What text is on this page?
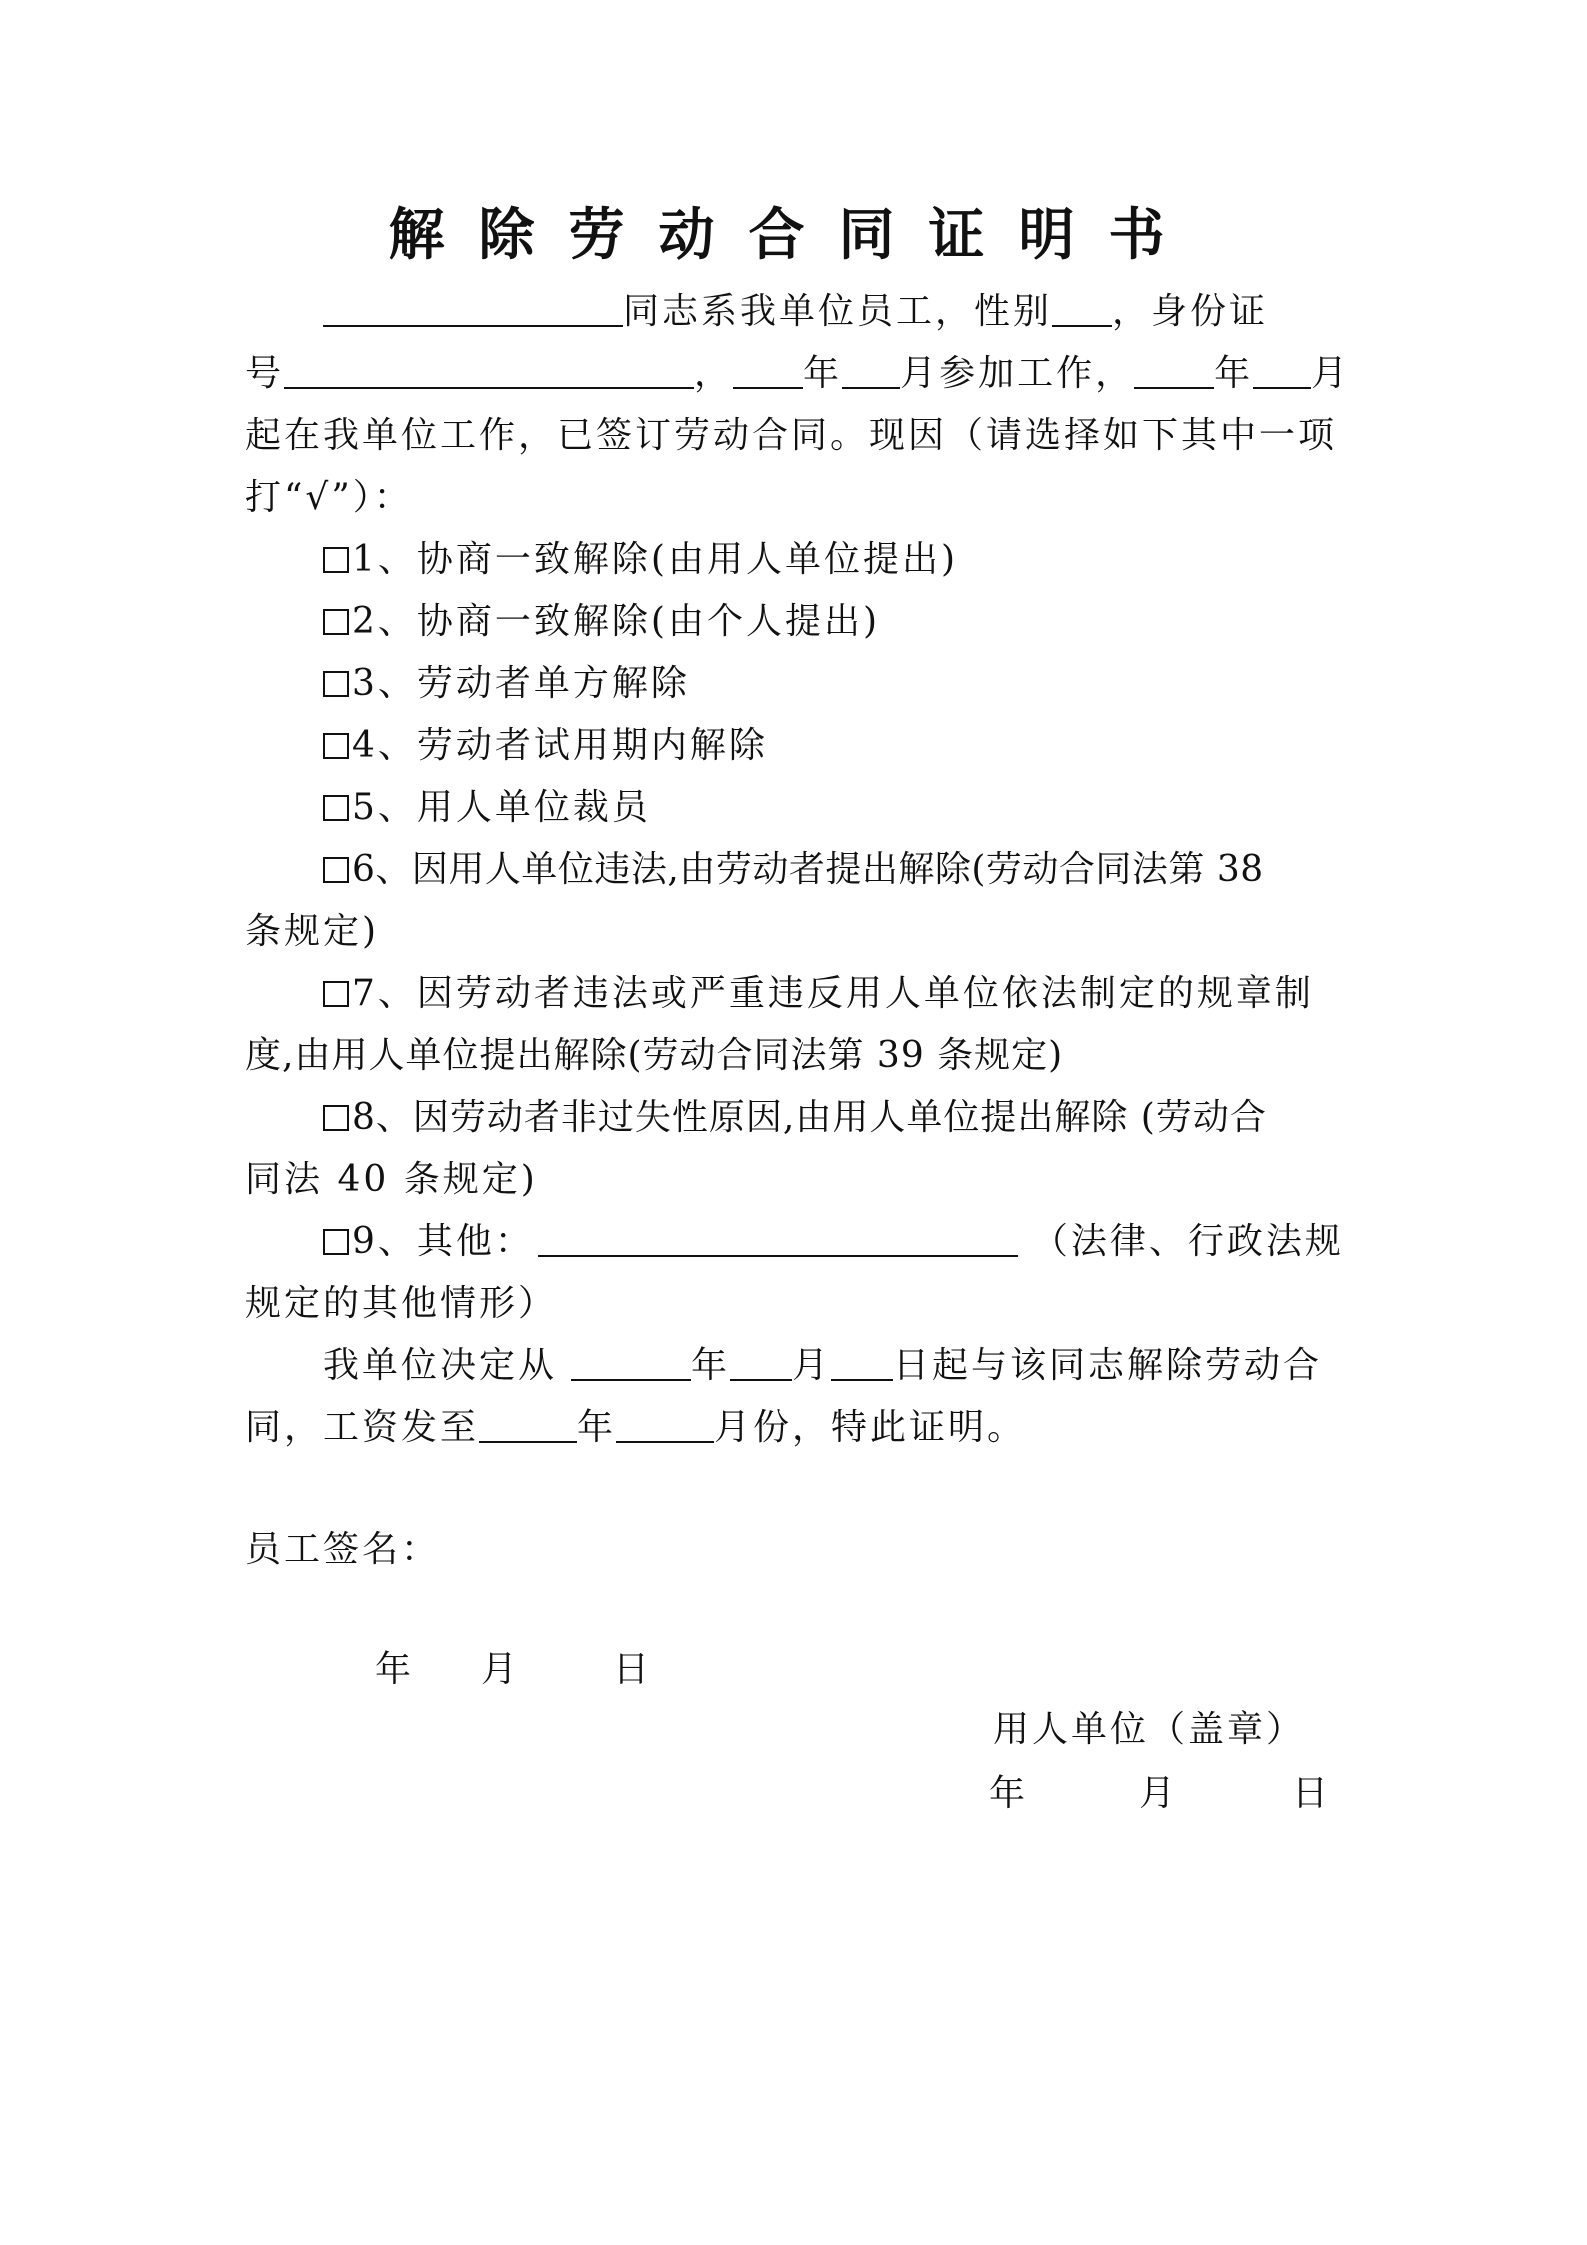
解除劳动合同证明书
同志系我单位员工，性别 ，身份证
号	， 年 月参加工作， 年 月
起在我单位工作，已签订劳动合同。现因（请选择如下其中一项
打“√”）：
1、协商一致解除(由用人单位提出)
2、协商一致解除(由个人提出)
3、劳动者单方解除
4、劳动者试用期内解除
5、用人单位裁员
6、因用人单位违法,由劳动者提出解除(劳动合同法第 38
条规定)
7、因劳动者违法或严重违反用人单位依法制定的规章制
度,由用人单位提出解除(劳动合同法第 39 条规定)
8、因劳动者非过失性原因,由用人单位提出解除 (劳动合
同法 40 条规定)
9、其他：	（法律、行政法规
规定的其他情形）
我单位决定从	年 月 日起与该同志解除劳动合
同，工资发至	年	月份，特此证明。
员工签名：
年 月	日
用人单位（盖章）
年	月	日
